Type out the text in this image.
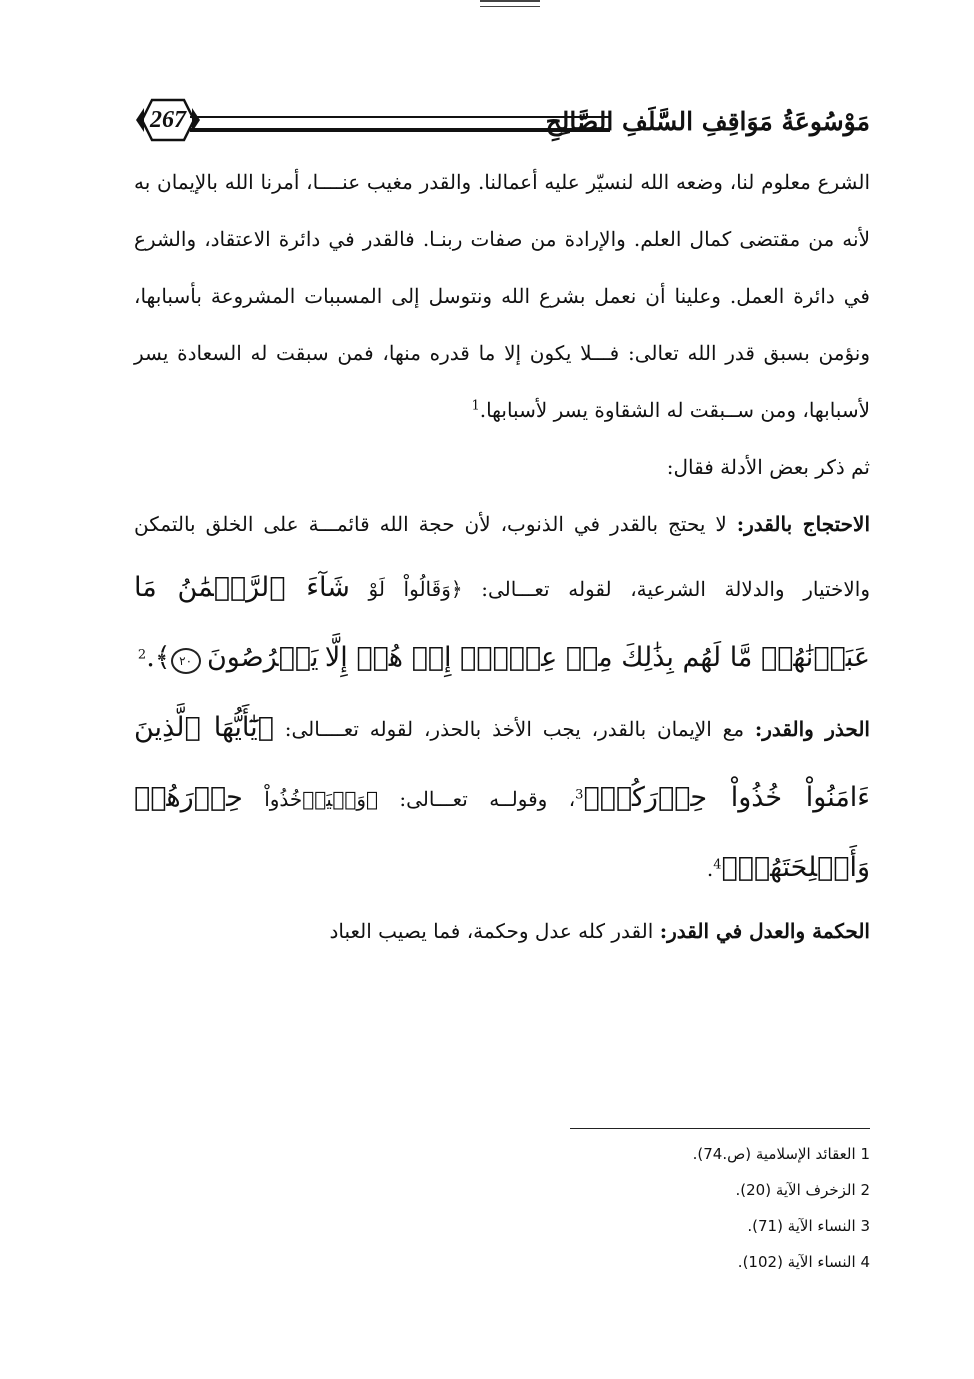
267	مَوْسُوعَةُ مَوَاقِفِ السَّلَفِ الصَّالِحِ

الشرع معلوم لنا، وضعه الله لنسيّر عليه أعمالنا. والقدر مغيب عنــــا، أمرنا الله بالإيمان به لأنه من مقتضى كمال العلم. والإرادة من صفات ربنـا. فالقدر في دائرة الاعتقاد، والشرع في دائرة العمل. وعلينا أن نعمل بشرع الله ونتوسل إلى المسببات المشروعة بأسبابها، ونؤمن بسبق قدر الله تعالى: فـــلا يكون إلا ما قدره منها، فمن سبقت له السعادة يسر لأسبابها، ومن ســبقت له الشقاوة يسر لأسبابها.$^1$

ثم ذكر بعض الأدلة فقال:

الاحتجاج بالقدر: لا يحتج بالقدر في الذنوب، لأن حجة الله قائمـــة على الخلق بالتمكن والاختيار والدلالة الشرعية، لقوله تعـــالى: ﴿وَقَالُواْ لَوْ شَآءَ ٱلرَّحۡمَٰنُ مَا عَبَدۡنَٰهُمۗ مَّا لَهُم بِذَٰلِكَ مِنۡ عِلۡمٍۖ إِنۡ هُمۡ إِلَّا يَخۡرُصُونَ ٢٠﴾.$^2$

الحذر والقدر: مع الإيمان بالقدر، يجب الأخذ بالحذر، لقوله تعــــالى: ﴿يَٰٓأَيُّهَا ٱلَّذِينَ ءَامَنُواْ خُذُواْ حِذۡرَكُمۡ﴾$^3$، وقولــه تعـــالى: ﴿وَلۡيَأۡخُذُواْ حِذۡرَهُمۡ وَأَسۡلِحَتَهُمۡ﴾$^4$.

الحكمة والعدل في القدر: القدر كله عدل وحكمة، فما يصيب العباد

1 العقائد الإسلامية (ص.74).
2 الزخرف الآية (20).
3 النساء الآية (71).
4 النساء الآية (102).
